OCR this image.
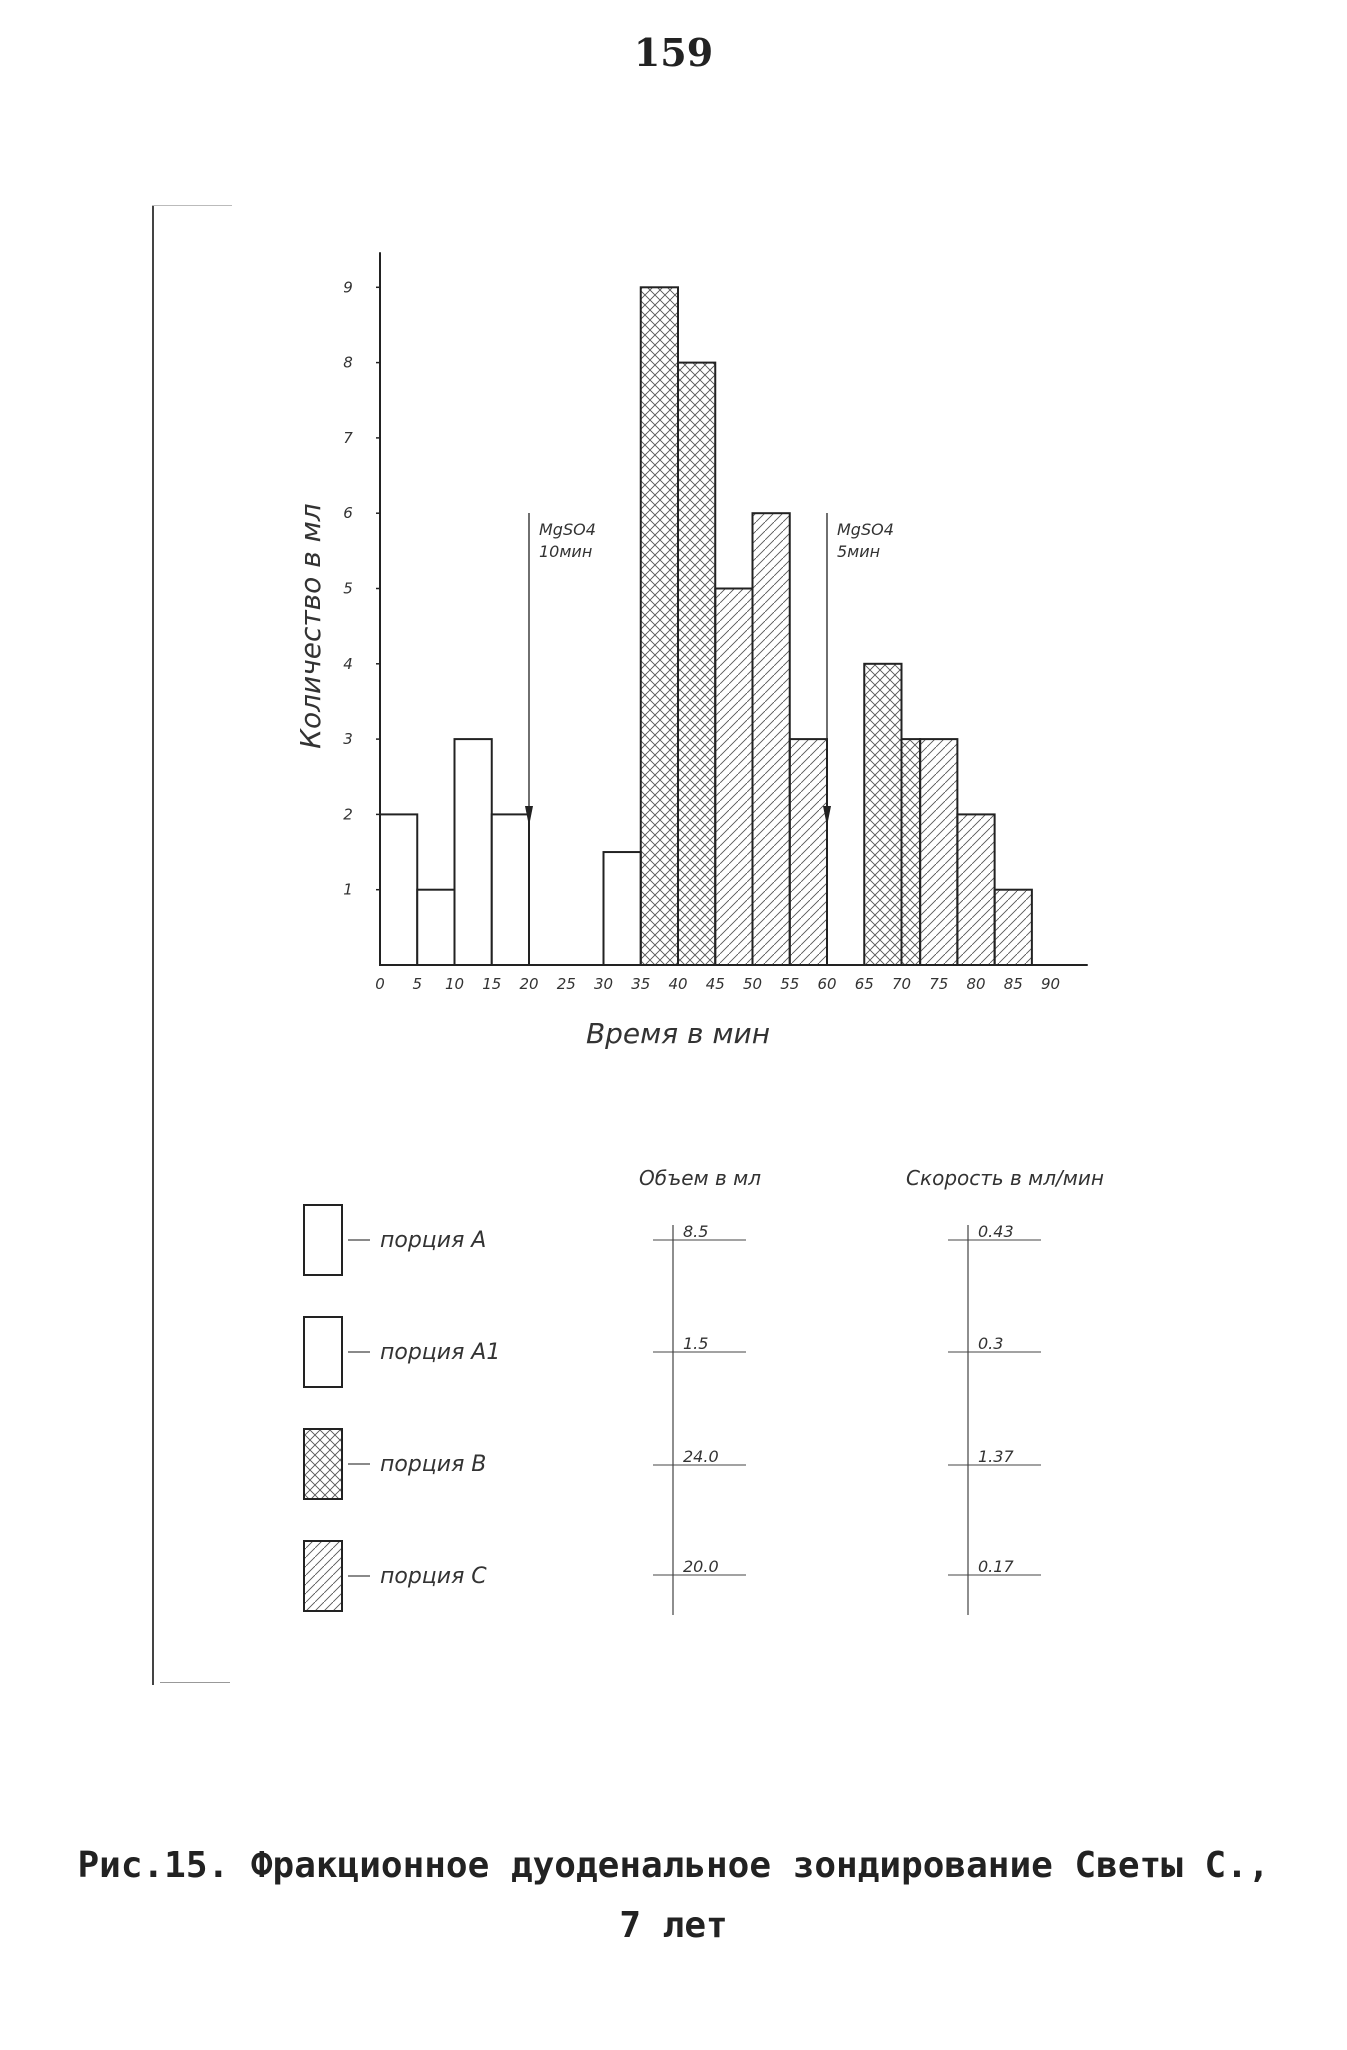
159
0 5 10 15 20 25 30 35 40 45 50 55 60 65 70 75 80 85 90
1
2
3
4
5
6
7
8
9
Время в мин
Количество в мл	MgSO4
10мин
MgSO4
5мин
Объем в мл	Скорость в мл/мин
порция А	8.5	0.43
порция А1	1.5	0.3
порция В	24.0	1.37
порция С	20.0	0.17
Рис.15. Фракционное дуоденальное зондирование Светы С.,
7 лет
